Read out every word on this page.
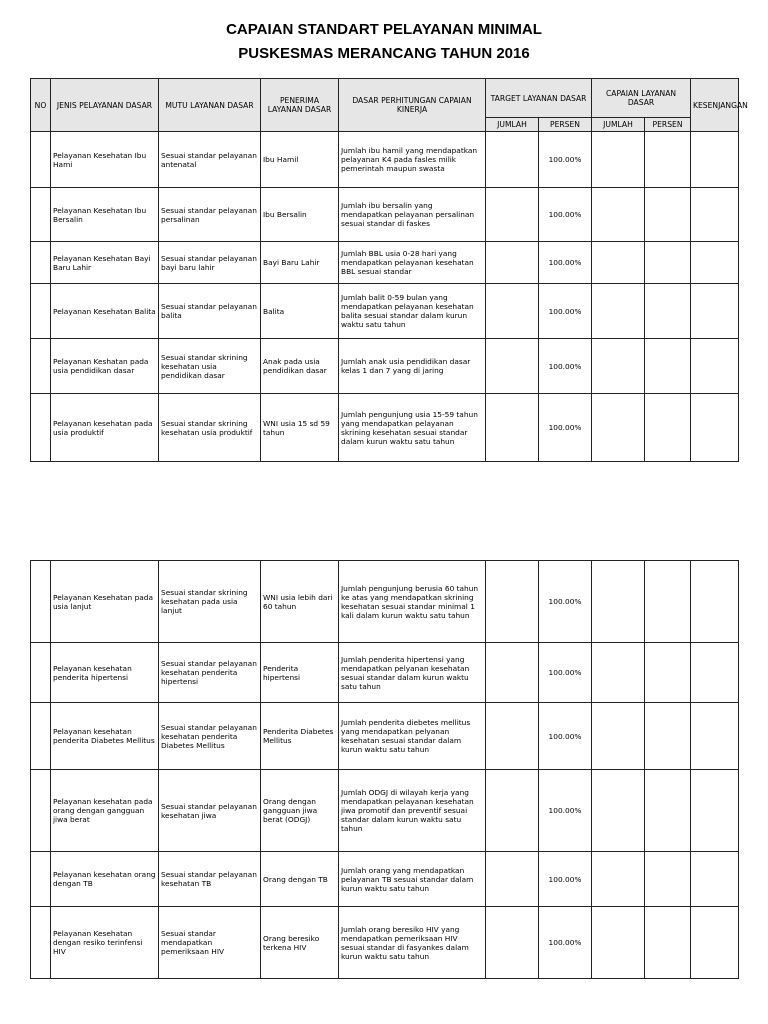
CAPAIAN STANDART PELAYANAN MINIMAL
PUSKESMAS MERANCANG TAHUN 2016
NO	JENIS PELAYANAN DASAR	MUTU LAYANAN DASAR	PENERIMA LAYANAN DASAR	DASAR PERHITUNGAN CAPAIAN KINERJA	TARGET LAYANAN DASAR		CAPAIAN LAYANAN DASAR		KESENJANGAN
					JUMLAH	PERSEN	JUMLAH	PERSEN	
	Pelayanan Kesehatan Ibu Hami	Sesuai standar pelayanan antenatal	Ibu Hamil	Jumlah ibu hamil yang mendapatkan pelayanan K4 pada fasles milik pemerintah maupun swasta		100.00%			
	Pelayanan Kesehatan Ibu Bersalin	Sesuai standar pelayanan persalinan	Ibu Bersalin	Jumlah ibu bersalin yang mendapatkan pelayanan persalinan sesuai standar di faskes		100.00%			
	Pelayanan Kesehatan Bayi Baru Lahir	Sesuai standar pelayanan bayi baru lahir	Bayi Baru Lahir	Jumlah BBL usia 0-28 hari yang mendapatkan pelayanan kesehatan BBL sesuai standar		100.00%			
	Pelayanan Kesehatan Balita	Sesuai standar pelayanan balita	Balita	Jumlah balit 0-59 bulan yang mendapatkan pelayanan kesehatan balita sesuai standar dalam kurun waktu satu tahun		100.00%			
	Pelayanan Keshatan pada usia pendidikan dasar	Sesuai standar skrining kesehatan usia pendidikan dasar	Anak pada usia pendidikan dasar	Jumlah anak usia pendidikan dasar kelas 1 dan 7 yang di jaring		100.00%			
	Pelayanan kesehatan pada usia produktif	Sesuai standar skrining kesehatan usia produktif	WNI usia 15 sd 59 tahun	Jumlah pengunjung usia 15-59 tahun yang mendapatkan pelayanan skrining kesehatan sesuai standar dalam kurun waktu satu tahun		100.00%			
	Pelayanan Kesehatan pada usia lanjut	Sesuai standar skrining kesehatan pada usia lanjut	WNI usia lebih dari 60 tahun	Jumlah pengunjung berusia 60 tahun ke atas yang mendapatkan skrining kesehatan sesuai standar minimal 1 kali dalam kurun waktu satu tahun		100.00%			
	Pelayanan kesehatan penderita hipertensi	Sesuai standar pelayanan kesehatan penderita hipertensi	Penderita hipertensi	Jumlah penderita hipertensi yang mendapatkan pelyanan kesehatan sesuai standar dalam kurun waktu satu tahun		100.00%			
	Pelayanan kesehatan penderita Diabetes Mellitus	Sesuai standar pelayanan kesehatan penderita Diabetes Mellitus	Penderita Diabetes Mellitus	Jumlah penderita diebetes mellitus yang mendapatkan pelyanan kesehatan sesuai standar dalam kurun waktu satu tahun		100.00%			
	Pelayanan kesehatan pada orang dengan gangguan jiwa berat	Sesuai standar pelayanan kesehatan jiwa	Orang dengan gangguan jiwa berat (ODGJ)	Jumlah ODGJ di wilayah kerja yang mendapatkan pelayanan kesehatan jiwa promotif dan preventif sesuai standar dalam kurun waktu satu tahun		100.00%			
	Pelayanan kesehatan orang dengan TB	Sesuai standar pelayanan kesehatan TB	Orang dengan TB	Jumlah orang yang mendapatkan pelayanan TB sesuai standar dalam kurun waktu satu tahun		100.00%			
	Pelayanan Kesehatan dengan resiko terinfensi HIV	Sesuai standar mendapatkan pemeriksaan HIV	Orang beresiko terkena HIV	Jumlah orang beresiko HIV yang mendapatkan pemeriksaan HIV sesuai standar di fasyankes dalam kurun waktu satu tahun		100.00%			
